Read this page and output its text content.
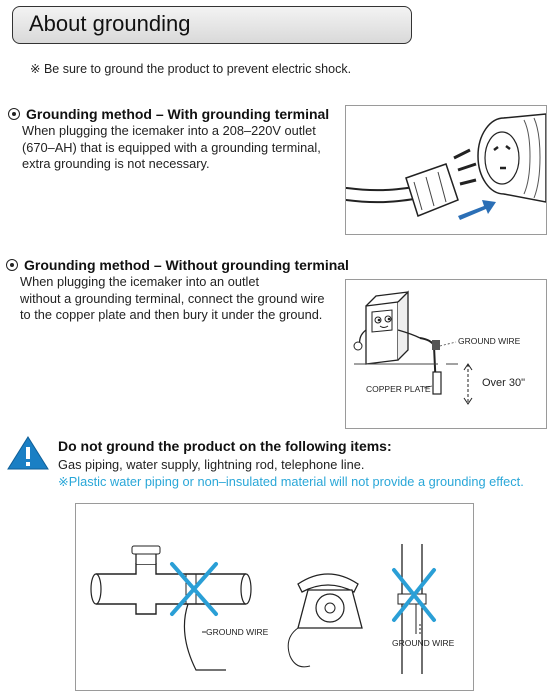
About grounding
※ Be sure to ground the product to prevent electric shock.
Grounding method – With grounding terminal
When plugging the icemaker into a 208–220V outlet
(670–AH) that is equipped with a grounding terminal,
extra grounding is not necessary.
Grounding method – Without grounding terminal
When plugging the icemaker into an outlet
without a grounding terminal, connect the ground wire
to the copper plate and then bury it under the ground.
GROUND WIRE
COPPER PLATE	Over 30"
Do not ground the product on the following items:
Gas piping, water supply, lightning rod, telephone line.
※Plastic water piping or non–insulated material will not provide a grounding effect.
GROUND WIRE
GROUND WIRE
